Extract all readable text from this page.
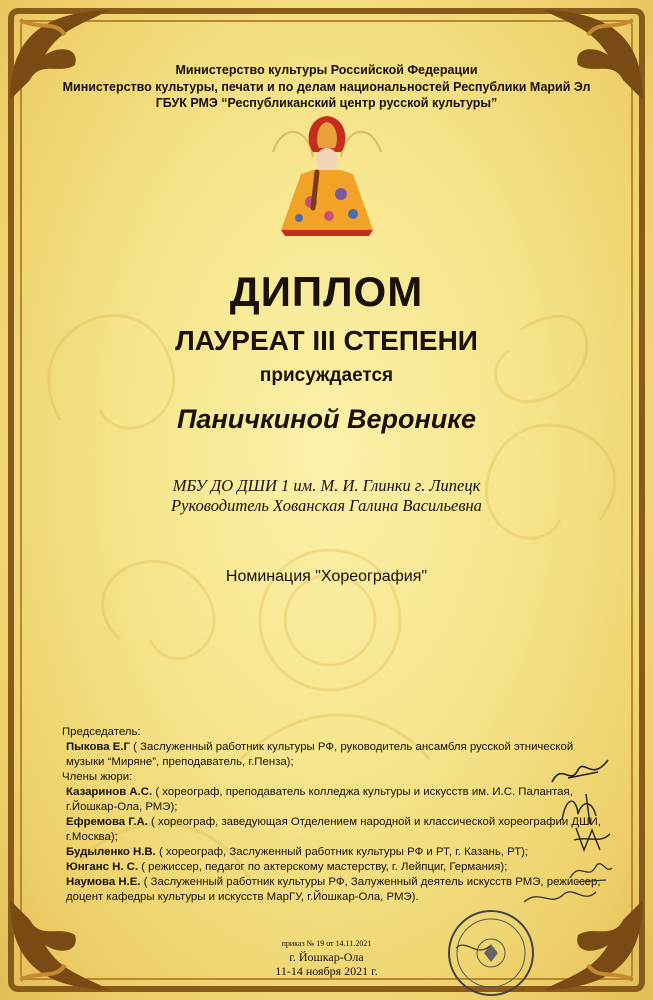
Министерство культуры Российской Федерации
Министерство культуры, печати и по делам национальностей Республики Марий Эл
ГБУК РМЭ “Республиканский центр русской культуры”
ДИПЛОМ
ЛАУРЕАТ III СТЕПЕНИ
присуждается
Паничкиной Веронике
МБУ ДО ДШИ 1 им. М. И. Глинки г. Липецк
Руководитель Хованская Галина Васильевна
Номинация "Хореография"

Председатель:

Пыкова Е.Г ( Заслуженный работник культуры РФ, руководитель ансамбля русской этнической музыки “Миряне”, преподаватель, г.Пенза);

Члены жюри:

Казаринов А.С. ( хореограф, преподаватель колледжа культуры и искусств им. И.С. Палантая, г.Йошкар-Ола, РМЭ);

Ефремова Г.А. ( хореограф, заведующая Отделением народной и классической хореографии ДШИ, г.Москва);

Будыленко Н.В. ( хореограф, Заслуженный работник культуры РФ и РТ, г. Казань, РТ);

Юнганс Н. С. ( режиссер, педагог по актерскому мастерству, г. Лейпциг, Германия);

Наумова Н.Е. ( Заслуженный работник культуры РФ, Залуженный деятель искусств РМЭ, режиссер, доцент кафедры культуры и искусств МарГУ, г.Йошкар-Ола, РМЭ).

приказ № 19 от 14.11.2021
г. Йошкар-Ола
11-14 ноября 2021 г.
